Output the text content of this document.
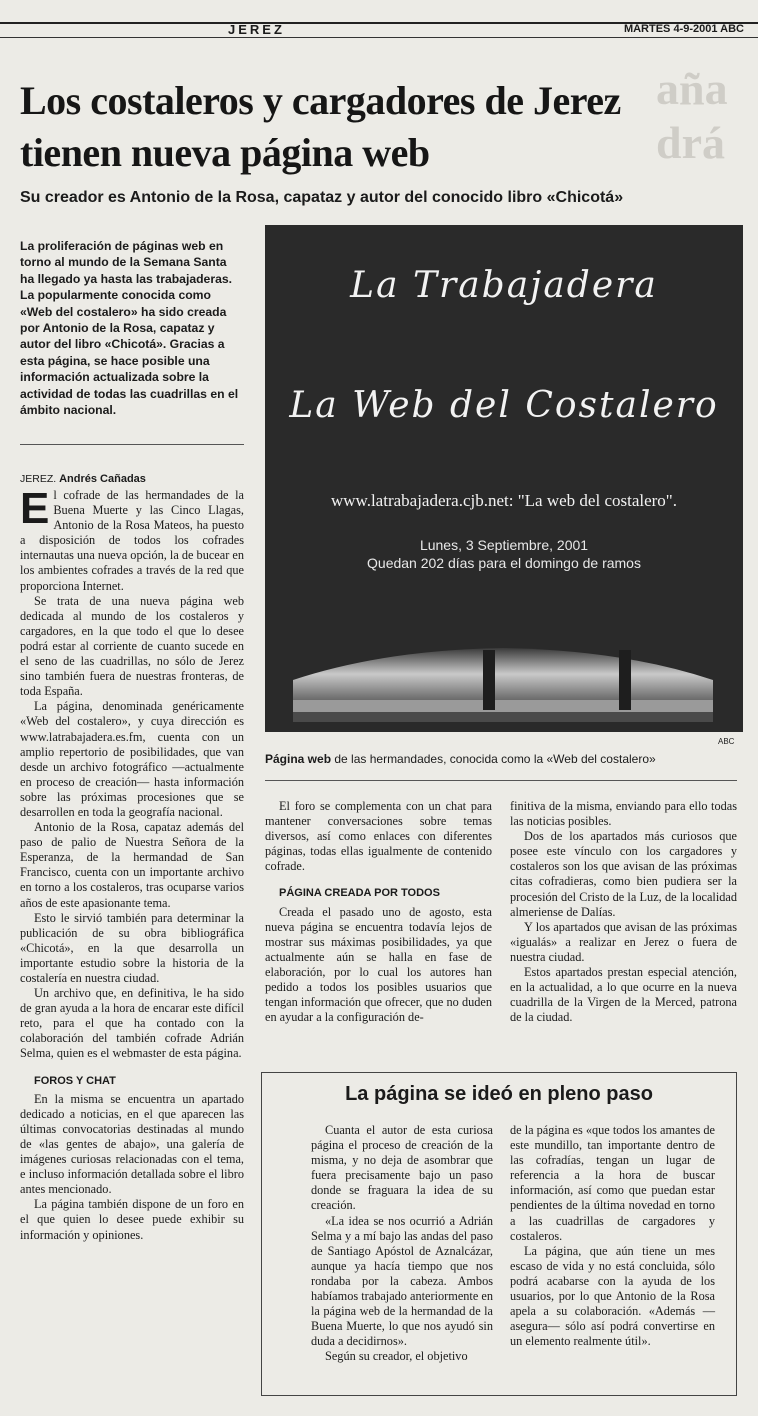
aña
drá
JEREZ	MARTES 4-9-2001 ABC
Los costaleros y cargadores de Jerez tienen nueva página web
Su creador es Antonio de la Rosa, capataz y autor del conocido libro «Chicotá»
La proliferación de páginas web en torno al mundo de la Semana Santa ha llegado ya hasta las trabajaderas. La popularmente conocida como «Web del costalero» ha sido creada por Antonio de la Rosa, capataz y autor del libro «Chicotá». Gracias a esta página, se hace posible una información actualizada sobre la actividad de todas las cuadrillas en el ámbito nacional.
JEREZ. Andrés Cañadas

El cofrade de las hermandades de la Buena Muerte y las Cinco Llagas, Antonio de la Rosa Mateos, ha puesto a disposición de todos los cofrades internautas una nueva opción, la de bucear en los ambientes cofrades a través de la red que proporciona Internet.

Se trata de una nueva página web dedicada al mundo de los costaleros y cargadores, en la que todo el que lo desee podrá estar al corriente de cuanto sucede en el seno de las cuadrillas, no sólo de Jerez sino también fuera de nuestras fronteras, de toda España.

La página, denominada genéricamente «Web del costalero», y cuya dirección es www.latrabajadera.es.fm, cuenta con un amplio repertorio de posibilidades, que van desde un archivo fotográfico —actualmente en proceso de creación— hasta información sobre las próximas procesiones que se desarrollen en toda la geografía nacional.

Antonio de la Rosa, capataz además del paso de palio de Nuestra Señora de la Esperanza, de la hermandad de San Francisco, cuenta con un importante archivo en torno a los costaleros, tras ocuparse varios años de este apasionante tema.

Esto le sirvió también para determinar la publicación de su obra bibliográfica «Chicotá», en la que desarrolla un importante estudio sobre la historia de la costalería en nuestra ciudad.

Un archivo que, en definitiva, le ha sido de gran ayuda a la hora de encarar este difícil reto, para el que ha contado con la colaboración del también cofrade Adrián Selma, quien es el webmaster de esta página.

FOROS Y CHAT

En la misma se encuentra un apartado dedicado a noticias, en el que aparecen las últimas convocatorias destinadas al mundo de «las gentes de abajo», una galería de imágenes curiosas relacionadas con el tema, e incluso información detallada sobre el libro antes mencionado.

La página también dispone de un foro en el que quien lo desee puede exhibir su información y opiniones.

La Trabajadera
La Web del Costalero
www.latrabajadera.cjb.net: "La web del costalero".
Lunes, 3 Septiembre, 2001
Quedan 202 días para el domingo de ramos
ABC
Página web de las hermandades, conocida como la «Web del costalero»

El foro se complementa con un chat para mantener conversaciones sobre temas diversos, así como enlaces con diferentes páginas, todas ellas igualmente de contenido cofrade.

PÁGINA CREADA POR TODOS

Creada el pasado uno de agosto, esta nueva página se encuentra todavía lejos de mostrar sus máximas posibilidades, ya que actualmente aún se halla en fase de elaboración, por lo cual los autores han pedido a todos los posibles usuarios que tengan información que ofrecer, que no duden en ayudar a la configuración de-

finitiva de la misma, enviando para ello todas las noticias posibles.

Dos de los apartados más curiosos que posee este vínculo con los cargadores y costaleros son los que avisan de las próximas citas cofradieras, como bien pudiera ser la procesión del Cristo de la Luz, de la localidad almeriense de Dalías.

Y los apartados que avisan de las próximas «igualás» a realizar en Jerez o fuera de nuestra ciudad.

Estos apartados prestan especial atención, en la actualidad, a lo que ocurre en la nueva cuadrilla de la Virgen de la Merced, patrona de la ciudad.

La página se ideó en pleno paso

Cuanta el autor de esta curiosa página el proceso de creación de la misma, y no deja de asombrar que fuera precisamente bajo un paso donde se fraguara la idea de su creación.

«La idea se nos ocurrió a Adrián Selma y a mí bajo las andas del paso de Santiago Apóstol de Aznalcázar, aunque ya hacía tiempo que nos rondaba por la cabeza. Ambos habíamos trabajado anteriormente en la página web de la hermandad de la Buena Muerte, lo que nos ayudó sin duda a decidirnos».

Según su creador, el objetivo

de la página es «que todos los amantes de este mundillo, tan importante dentro de las cofradías, tengan un lugar de referencia a la hora de buscar información, así como que puedan estar pendientes de la última novedad en torno a las cuadrillas de cargadores y costaleros.

La página, que aún tiene un mes escaso de vida y no está concluida, sólo podrá acabarse con la ayuda de los usuarios, por lo que Antonio de la Rosa apela a su colaboración. «Además —asegura— sólo así podrá convertirse en un elemento realmente útil».
